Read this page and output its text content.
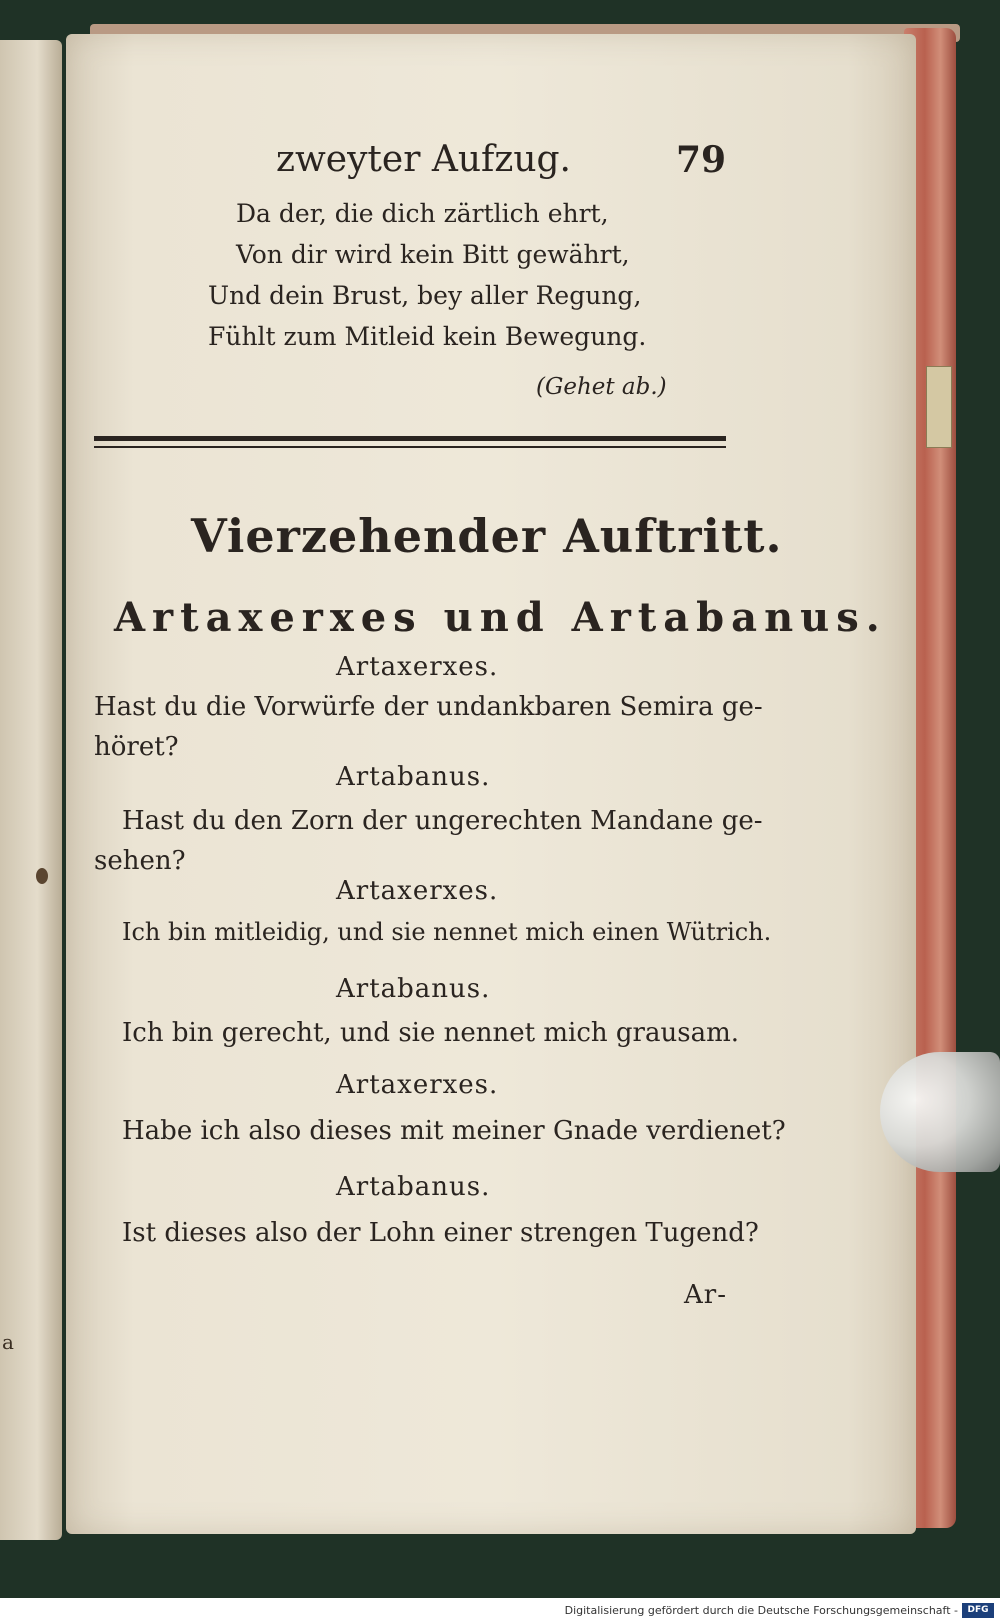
a
zweyter Aufzug.	79
Da der, die dich zärtlich ehrt,
Von dir wird kein Bitt gewährt,
Und dein Brust, bey aller Regung,
Fühlt zum Mitleid kein Bewegung.
(Gehet ab.)
Vierzehender Auftritt.
Artaxerxes und Artabanus.
Artaxerxes.
Hast du die Vorwürfe der undankbaren Semira ge-
höret?
Artabanus.
Hast du den Zorn der ungerechten Mandane ge-
sehen?
Artaxerxes.
Ich bin mitleidig, und sie nennet mich einen Wütrich.
Artabanus.
Ich bin gerecht, und sie nennet mich grausam.
Artaxerxes.
Habe ich also dieses mit meiner Gnade verdienet?
Artabanus.
Ist dieses also der Lohn einer strengen Tugend?
Ar-
Digitalisierung gefördert durch die Deutsche Forschungsgemeinschaft -	DFG
